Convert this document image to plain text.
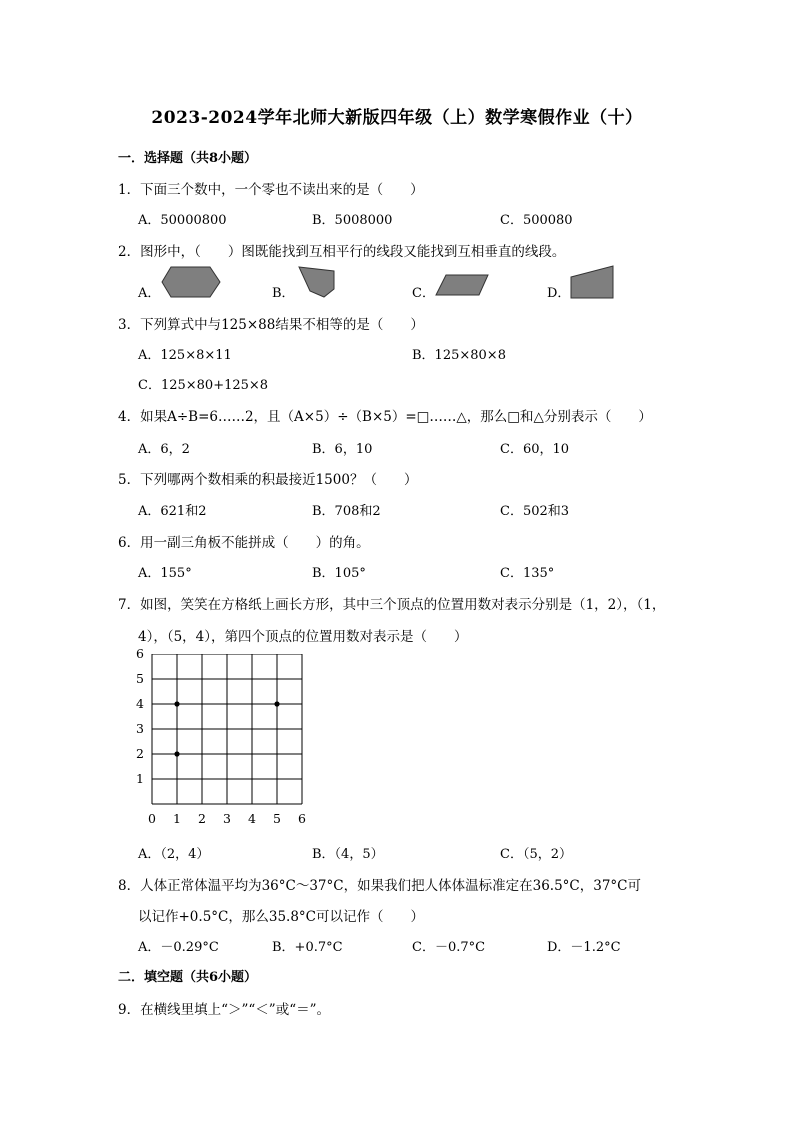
2023-2024学年北师大新版四年级（上）数学寒假作业（十）
一．选择题（共8小题）
1．下面三个数中，一个零也不读出来的是（　　）
A．50000800	B．5008000	C．500080
2．图形中，（　　）图既能找到互相平行的线段又能找到互相垂直的线段。
A．	B．	C．	D．
3．下列算式中与125×88结果不相等的是（　　）
A．125×8×11	B．125×80×8
C．125×80+125×8
4．如果A÷B=6……2，且（A×5）÷（B×5）=□……△，那么□和△分别表示（　　）
A．6，2	B．6，10	C．60，10
5．下列哪两个数相乘的积最接近1500？（　　）
A．621和2	B．708和2	C．502和3
6．用一副三角板不能拼成（　　）的角。
A．155°	B．105°	C．135°
7．如图，笑笑在方格纸上画长方形，其中三个顶点的位置用数对表示分别是（1，2），（1，
4），（5，4），第四个顶点的位置用数对表示是（　　）
1
2
3
4
5
6
0 1 2 3 4 5 6
A．（2，4）	B．（4，5）	C．（5，2）
8．人体正常体温平均为36°C～37°C，如果我们把人体体温标准定在36.5°C，37°C可
以记作+0.5°C，那么35.8°C可以记作（　　）
A．－0.29°C	B．+0.7°C	C．－0.7°C	D．－1.2°C
二．填空题（共6小题）
9．在横线里填上“＞”“＜”或“＝”。
